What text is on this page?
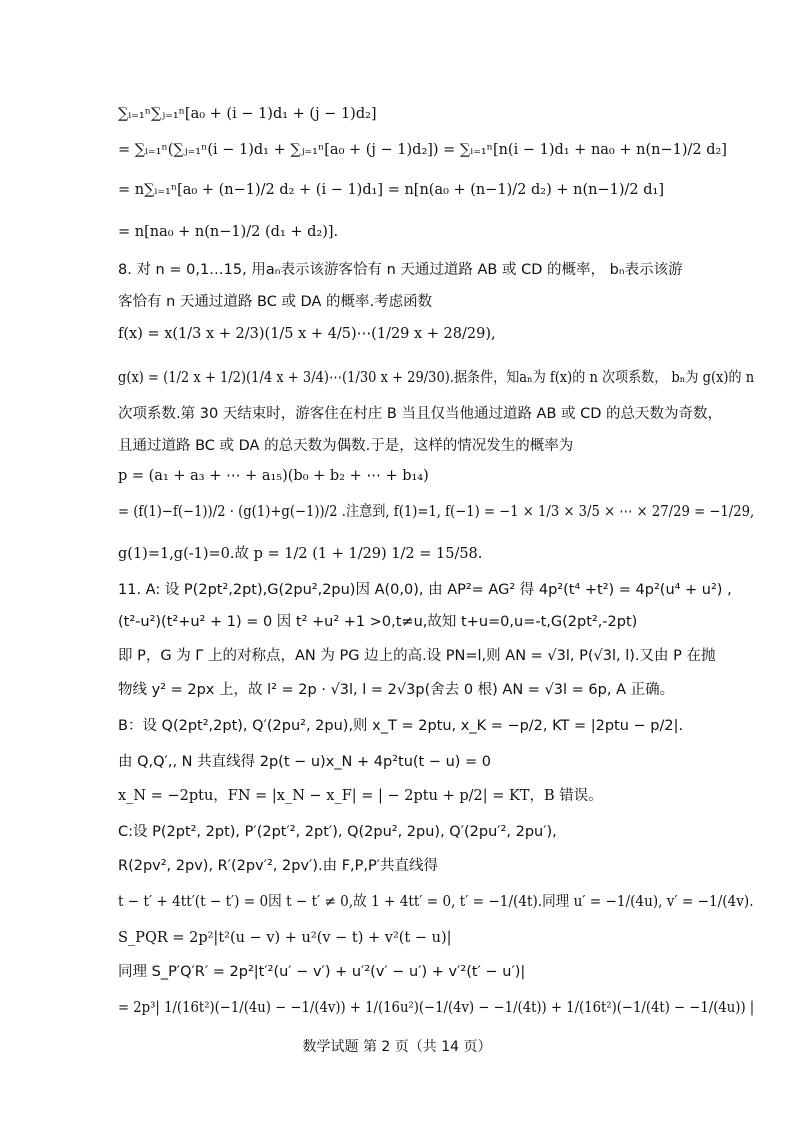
∑ᵢ₌₁ⁿ∑ⱼ₌₁ⁿ[a₀ + (i − 1)d₁ + (j − 1)d₂]
= ∑ᵢ₌₁ⁿ(∑ⱼ₌₁ⁿ(i − 1)d₁ + ∑ⱼ₌₁ⁿ[a₀ + (j − 1)d₂]) = ∑ᵢ₌₁ⁿ[n(i − 1)d₁ + na₀ + n(n−1)/2 d₂]
= n∑ᵢ₌₁ⁿ[a₀ + (n−1)/2 d₂ + (i − 1)d₁] = n[n(a₀ + (n−1)/2 d₂) + n(n−1)/2 d₁]
= n[na₀ + n(n−1)/2 (d₁ + d₂)].
8. 对 n = 0,1…15, 用aₙ表示该游客恰有 n 天通过道路 AB 或 CD 的概率， bₙ表示该游
客恰有 n 天通过道路 BC 或 DA 的概率.考虑函数
f(x) = x(1/3 x + 2/3)(1/5 x + 4/5)⋯(1/29 x + 28/29),
g(x) = (1/2 x + 1/2)(1/4 x + 3/4)⋯(1/30 x + 29/30).据条件，知aₙ为 f(x)的 n 次项系数， bₙ为 g(x)的 n
次项系数.第 30 天结束时，游客住在村庄 B 当且仅当他通过道路 AB 或 CD 的总天数为奇数，
且通过道路 BC 或 DA 的总天数为偶数.于是，这样的情况发生的概率为
p = (a₁ + a₃ + ⋯ + a₁₅)(b₀ + b₂ + ⋯ + b₁₄)
= (f(1)−f(−1))/2 · (g(1)+g(−1))/2 .注意到, f(1)=1, f(−1) = −1 × 1/3 × 3/5 × ⋯ × 27/29 = −1/29,
g(1)=1,g(-1)=0.故 p = 1/2 (1 + 1/29) 1/2 = 15/58.
11. A: 设 P(2pt²,2pt),G(2pu²,2pu)因 A(0,0), 由 AP²= AG² 得 4p²(t⁴ +t²) = 4p²(u⁴ + u²) ,
(t²-u²)(t²+u² + 1) = 0 因 t² +u² +1 >0,t≠u,故知 t+u=0,u=-t,G(2pt²,-2pt)
即 P，G 为 Γ 上的对称点，AN 为 PG 边上的高.设 PN=l,则 AN = √3l, P(√3l, l).又由 P 在抛
物线 y² = 2px 上，故 l² = 2p · √3l, l = 2√3p(舍去 0 根) AN = √3l = 6p, A 正确。
B：设 Q(2pt²,2pt), Q′(2pu², 2pu),则 x_T = 2ptu, x_K = −p/2, KT = |2ptu − p/2|.
由 Q,Q′,, N 共直线得 2p(t − u)x_N + 4p²tu(t − u) = 0
x_N = −2ptu，FN = |x_N − x_F| = | − 2ptu + p/2| = KT，B 错误。
C:设 P(2pt², 2pt), P′(2pt′², 2pt′), Q(2pu², 2pu), Q′(2pu′², 2pu′),
R(2pv², 2pv), R′(2pv′², 2pv′).由 F,P,P′共直线得
t − t′ + 4tt′(t − t′) = 0因 t − t′ ≠ 0,故 1 + 4tt′ = 0, t′ = −1/(4t).同理 u′ = −1/(4u), v′ = −1/(4v).
S_PQR = 2p²|t²(u − v) + u²(v − t) + v²(t − u)|
同理 S_P′Q′R′ = 2p²|t′²(u′ − v′) + u′²(v′ − u′) + v′²(t′ − u′)|
= 2p³| 1/(16t²)(−1/(4u) − −1/(4v)) + 1/(16u²)(−1/(4v) − −1/(4t)) + 1/(16t²)(−1/(4t) − −1/(4u)) |
数学试题 第 2 页（共 14 页）
